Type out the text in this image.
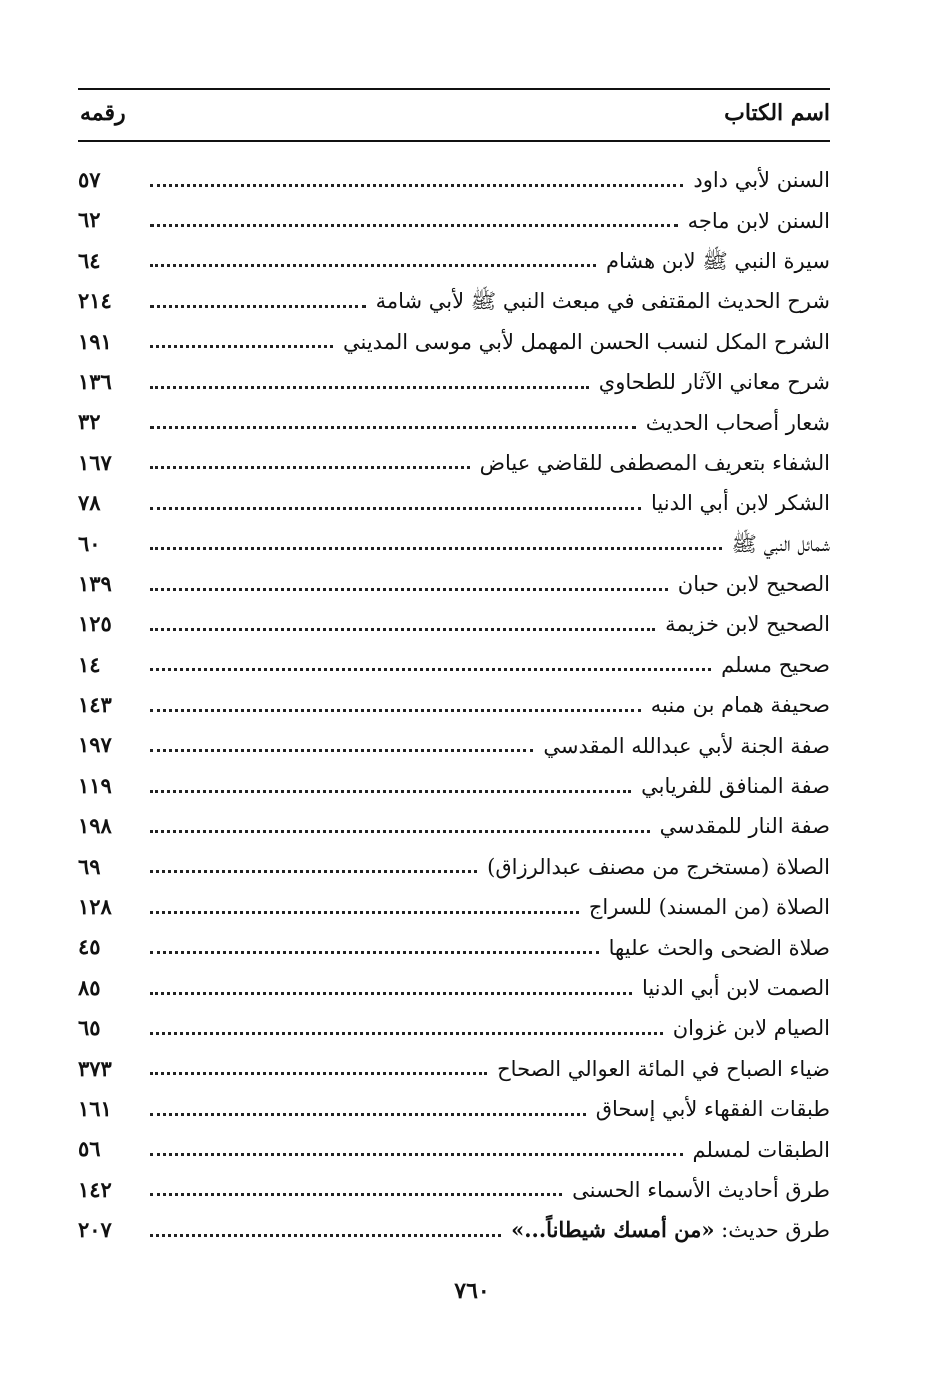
اسم الكتاب
رقمه
السنن لأبي داود
٥٧
السنن لابن ماجه
٦٢
سيرة النبي ﷺ لابن هشام
٦٤
شرح الحديث المقتفى في مبعث النبي ﷺ لأبي شامة
٢١٤
الشرح المكل لنسب الحسن المهمل لأبي موسى المديني
١٩١
شرح معاني الآثار للطحاوي
١٣٦
شعار أصحاب الحديث
٣٢
الشفاء بتعريف المصطفى للقاضي عياض
١٦٧
الشكر لابن أبي الدنيا
٧٨
شمائل النبي ﷺ
٦٠
الصحيح لابن حبان
١٣٩
الصحيح لابن خزيمة
١٢٥
صحيح مسلم
١٤
صحيفة همام بن منبه
١٤٣
صفة الجنة لأبي عبدالله المقدسي
١٩٧
صفة المنافق للفريابي
١١٩
صفة النار للمقدسي
١٩٨
الصلاة (مستخرج من مصنف عبدالرزاق)
٦٩
الصلاة (من المسند) للسراج
١٢٨
صلاة الضحى والحث عليها
٤٥
الصمت لابن أبي الدنيا
٨٥
الصيام لابن غزوان
٦٥
ضياء الصباح في المائة العوالي الصحاح
٣٧٣
طبقات الفقهاء لأبي إسحاق
١٦١
الطبقات لمسلم
٥٦
طرق أحاديث الأسماء الحسنى
١٤٢
طرق حديث: «من أمسك شيطاناً...»
٢٠٧
٧٦٠
